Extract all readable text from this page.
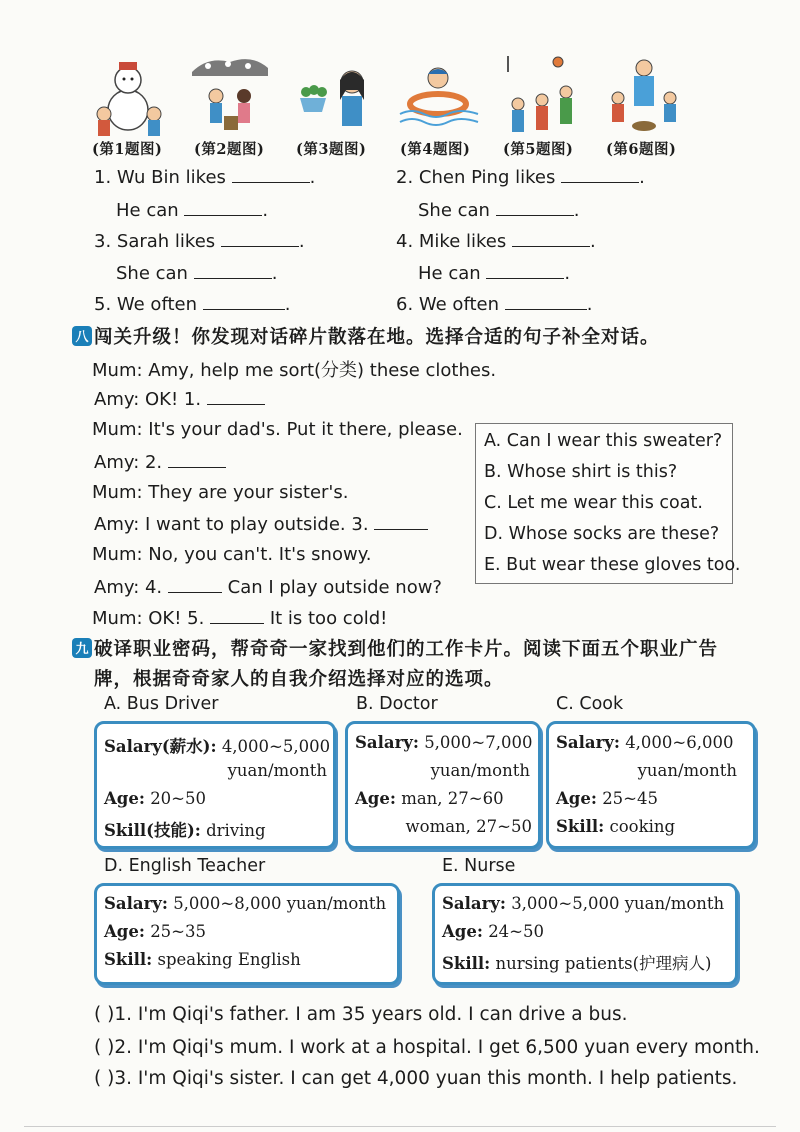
(第1题图) (第2题图) (第3题图) (第4题图) (第5题图) (第6题图)
1. Wu Bin likes	.	2. Chen Ping likes	.
He can	.	She can	.
3. Sarah likes	.	4. Mike likes	.
She can	.	He can	.
5. We often	.	6. We often	.
八 闯关升级！你发现对话碎片散落在地。选择合适的句子补全对话。
Mum: Amy, help me sort(分类) these clothes.
Amy: OK! 1.
Mum: It's your dad's. Put it there, please.
Amy: 2.
Mum: They are your sister's.
Amy: I want to play outside. 3.
Mum: No, you can't. It's snowy.
Amy: 4.	Can I play outside now?
Mum: OK! 5.	It is too cold!
A. Can I wear this sweater?
B. Whose shirt is this?
C. Let me wear this coat.
D. Whose socks are these?
E. But wear these gloves too.
九 破译职业密码，帮奇奇一家找到他们的工作卡片。阅读下面五个职业广告
牌，根据奇奇家人的自我介绍选择对应的选项。
A. Bus Driver	B. Doctor	C. Cook
Salary(薪水): 4,000~5,000
yuan/month
Age: 20~50
Skill(技能): driving
Salary: 5,000~7,000
yuan/month
Age: man, 27~60
woman, 27~50
Salary: 4,000~6,000
yuan/month
Age: 25~45
Skill: cooking
D. English Teacher	E. Nurse
Salary: 5,000~8,000 yuan/month
Age: 25~35
Skill: speaking English
Salary: 3,000~5,000 yuan/month
Age: 24~50
Skill: nursing patients(护理病人)
( )1. I'm Qiqi's father. I am 35 years old. I can drive a bus.
( )2. I'm Qiqi's mum. I work at a hospital. I get 6,500 yuan every month.
( )3. I'm Qiqi's sister. I can get 4,000 yuan this month. I help patients.
